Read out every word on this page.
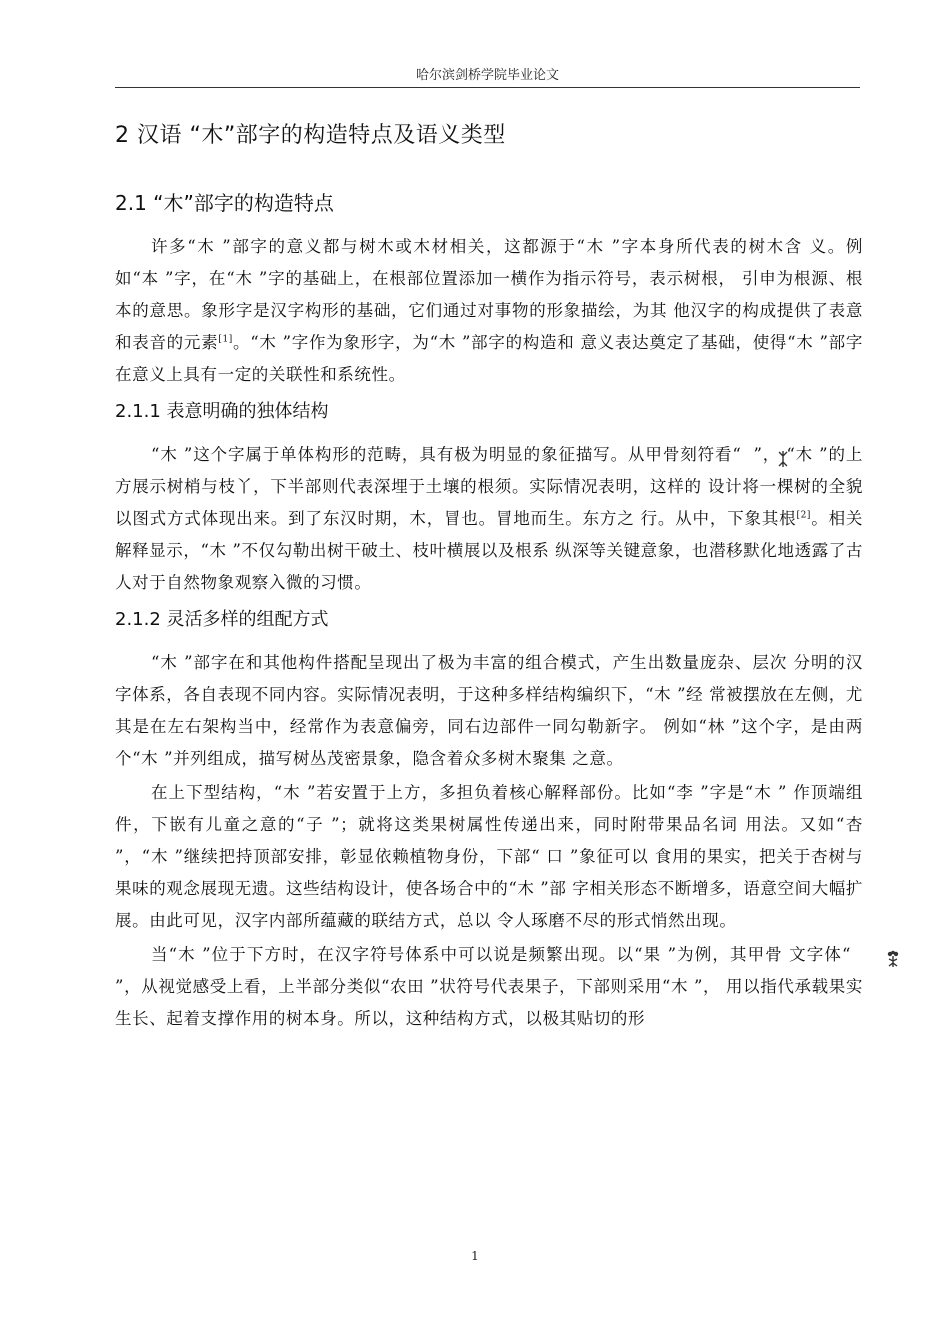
哈尔滨剑桥学院毕业论文
2 汉语 “木”部字的构造特点及语义类型
2.1 “木”部字的构造特点

许多“木 ”部字的意义都与树木或木材相关，这都源于“木 ”字本身所代表的树木含 义。例如“本 ”字，在“木 ”字的基础上，在根部位置添加一横作为指示符号，表示树根， 引申为根源、根本的意思。象形字是汉字构形的基础，它们通过对事物的形象描绘，为其 他汉字的构成提供了表意和表音的元素[1]。“木 ”字作为象形字，为“木 ”部字的构造和 意义表达奠定了基础，使得“木 ”部字在意义上具有一定的关联性和系统性。

2.1.1 表意明确的独体结构

“木 ”这个字属于单体构形的范畴，具有极为明显的象征描写。从甲骨刻符看“ ”， “木 ”的上方展示树梢与枝丫，下半部则代表深埋于土壤的根须。实际情况表明，这样的 设计将一棵树的全貌以图式方式体现出来。到了东汉时期，木，冒也。冒地而生。东方之 行。从中，下象其根[2]。相关解释显示，“木 ”不仅勾勒出树干破土、枝叶横展以及根系 纵深等关键意象，也潜移默化地透露了古人对于自然物象观察入微的习惯。

2.1.2 灵活多样的组配方式

“木 ”部字在和其他构件搭配呈现出了极为丰富的组合模式，产生出数量庞杂、层次 分明的汉字体系，各自表现不同内容。实际情况表明，于这种多样结构编织下，“木 ”经 常被摆放在左侧，尤其是在左右架构当中，经常作为表意偏旁，同右边部件一同勾勒新字。 例如“林 ”这个字，是由两个“木 ”并列组成，描写树丛茂密景象，隐含着众多树木聚集 之意。

在上下型结构，“木 ”若安置于上方，多担负着核心解释部份。比如“李 ”字是“木 ” 作顶端组件，下嵌有儿童之意的“子 ”；就将这类果树属性传递出来，同时附带果品名词 用法。又如“杏 ”，“木 ”继续把持顶部安排，彰显依赖植物身份，下部“ 口 ”象征可以 食用的果实，把关于杏树与果味的观念展现无遗。这些结构设计，使各场合中的“木 ”部 字相关形态不断增多，语意空间大幅扩展。由此可见，汉字内部所蕴藏的联结方式，总以 令人琢磨不尽的形式悄然出现。

当“木 ”位于下方时，在汉字符号体系中可以说是频繁出现。以“果 ”为例，其甲骨 文字体“”，从视觉感受上看，上半部分类似“农田 ”状符号代表果子，下部则采用“木 ”， 用以指代承载果实生长、起着支撑作用的树本身。所以，这种结构方式，以极其贴切的形

1
